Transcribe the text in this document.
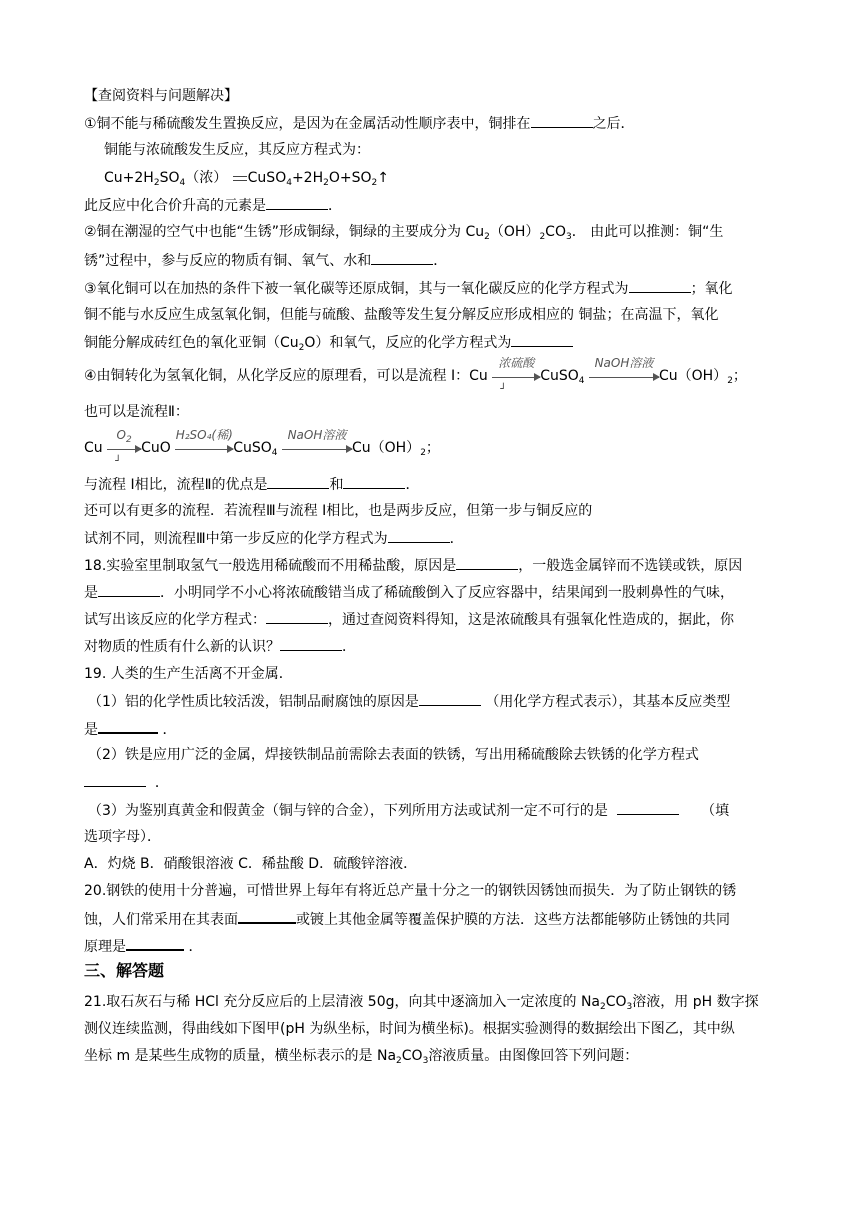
【查阅资料与问题解决】
①铜不能与稀硫酸发生置换反应，是因为在金属活动性顺序表中，铜排在	之后．
铜能与浓硫酸发生反应，其反应方程式为：
$Cu+2H_2SO_4$（浓） $CuSO_4+2H_2O+SO_2↑$
此反应中化合价升高的元素是	．
②铜在潮湿的空气中也能“生锈”形成铜绿，铜绿的主要成分为 $Cu_2(OH)_2CO_3$． 由此可以推测：铜“生
锈”过程中，参与反应的物质有铜、氧气、水和	．
③氧化铜可以在加热的条件下被一氧化碳等还原成铜，其与一氧化碳反应的化学方程式为	；氧化
铜不能与水反应生成氢氧化铜，但能与硫酸、盐酸等发生复分解反应形成相应的 铜盐；在高温下，氧化
铜能分解成砖红色的氧化亚铜$(Cu_2O)$和氧气，反应的化学方程式为
④由铜转化为氢氧化铜，从化学反应的原理看，可以是流程 Ⅰ：Cu
浓硫酸
┘
CuSO$_4$
NaOH溶液
$Cu(OH)_2$；
也可以是流程Ⅱ：
Cu
$O_2$
┘
CuO
H₂SO₄(稀)
CuSO$_4$
NaOH溶液
$Cu(OH)_2$；
与流程 Ⅰ相比，流程Ⅱ的优点是	和	．
还可以有更多的流程．若流程Ⅲ与流程 Ⅰ相比，也是两步反应，但第一步与铜反应的
试剂不同，则流程Ⅲ中第一步反应的化学方程式为	．
18.实验室里制取氢气一般选用稀硫酸而不用稀盐酸，原因是	，一般选金属锌而不选镁或铁，原因
是	．小明同学不小心将浓硫酸错当成了稀硫酸倒入了反应容器中，结果闻到一股刺鼻性的气味，
试写出该反应的化学方程式：	，通过查阅资料得知，这是浓硫酸具有强氧化性造成的，据此，你
对物质的性质有什么新的认识？	．
19. 人类的生产生活离不开金属．
（1）铝的化学性质比较活泼，铝制品耐腐蚀的原因是	（用化学方程式表示），其基本反应类型
是	．
（2）铁是应用广泛的金属，焊接铁制品前需除去表面的铁锈，写出用稀硫酸除去铁锈的化学方程式
．
（3）为鉴别真黄金和假黄金（铜与锌的合金），下列所用方法或试剂一定不可行的是	（填
选项字母）．
A．灼烧 B．硝酸银溶液 C．稀盐酸 D．硫酸锌溶液．
20.钢铁的使用十分普遍，可惜世界上每年有将近总产量十分之一的钢铁因锈蚀而损失．为了防止钢铁的锈
蚀，人们常采用在其表面	或镀上其他金属等覆盖保护膜的方法．这些方法都能够防止锈蚀的共同
原理是	．
三、解答题
21.取石灰石与稀 HCl 充分反应后的上层清液 50g，向其中逐滴加入一定浓度的 $Na_2CO_3$溶液，用 pH 数字探
测仪连续监测，得曲线如下图甲(pH 为纵坐标，时间为横坐标)。根据实验测得的数据绘出下图乙，其中纵
坐标 m 是某些生成物的质量，横坐标表示的是 $Na_2CO_3$溶液质量。由图像回答下列问题：
